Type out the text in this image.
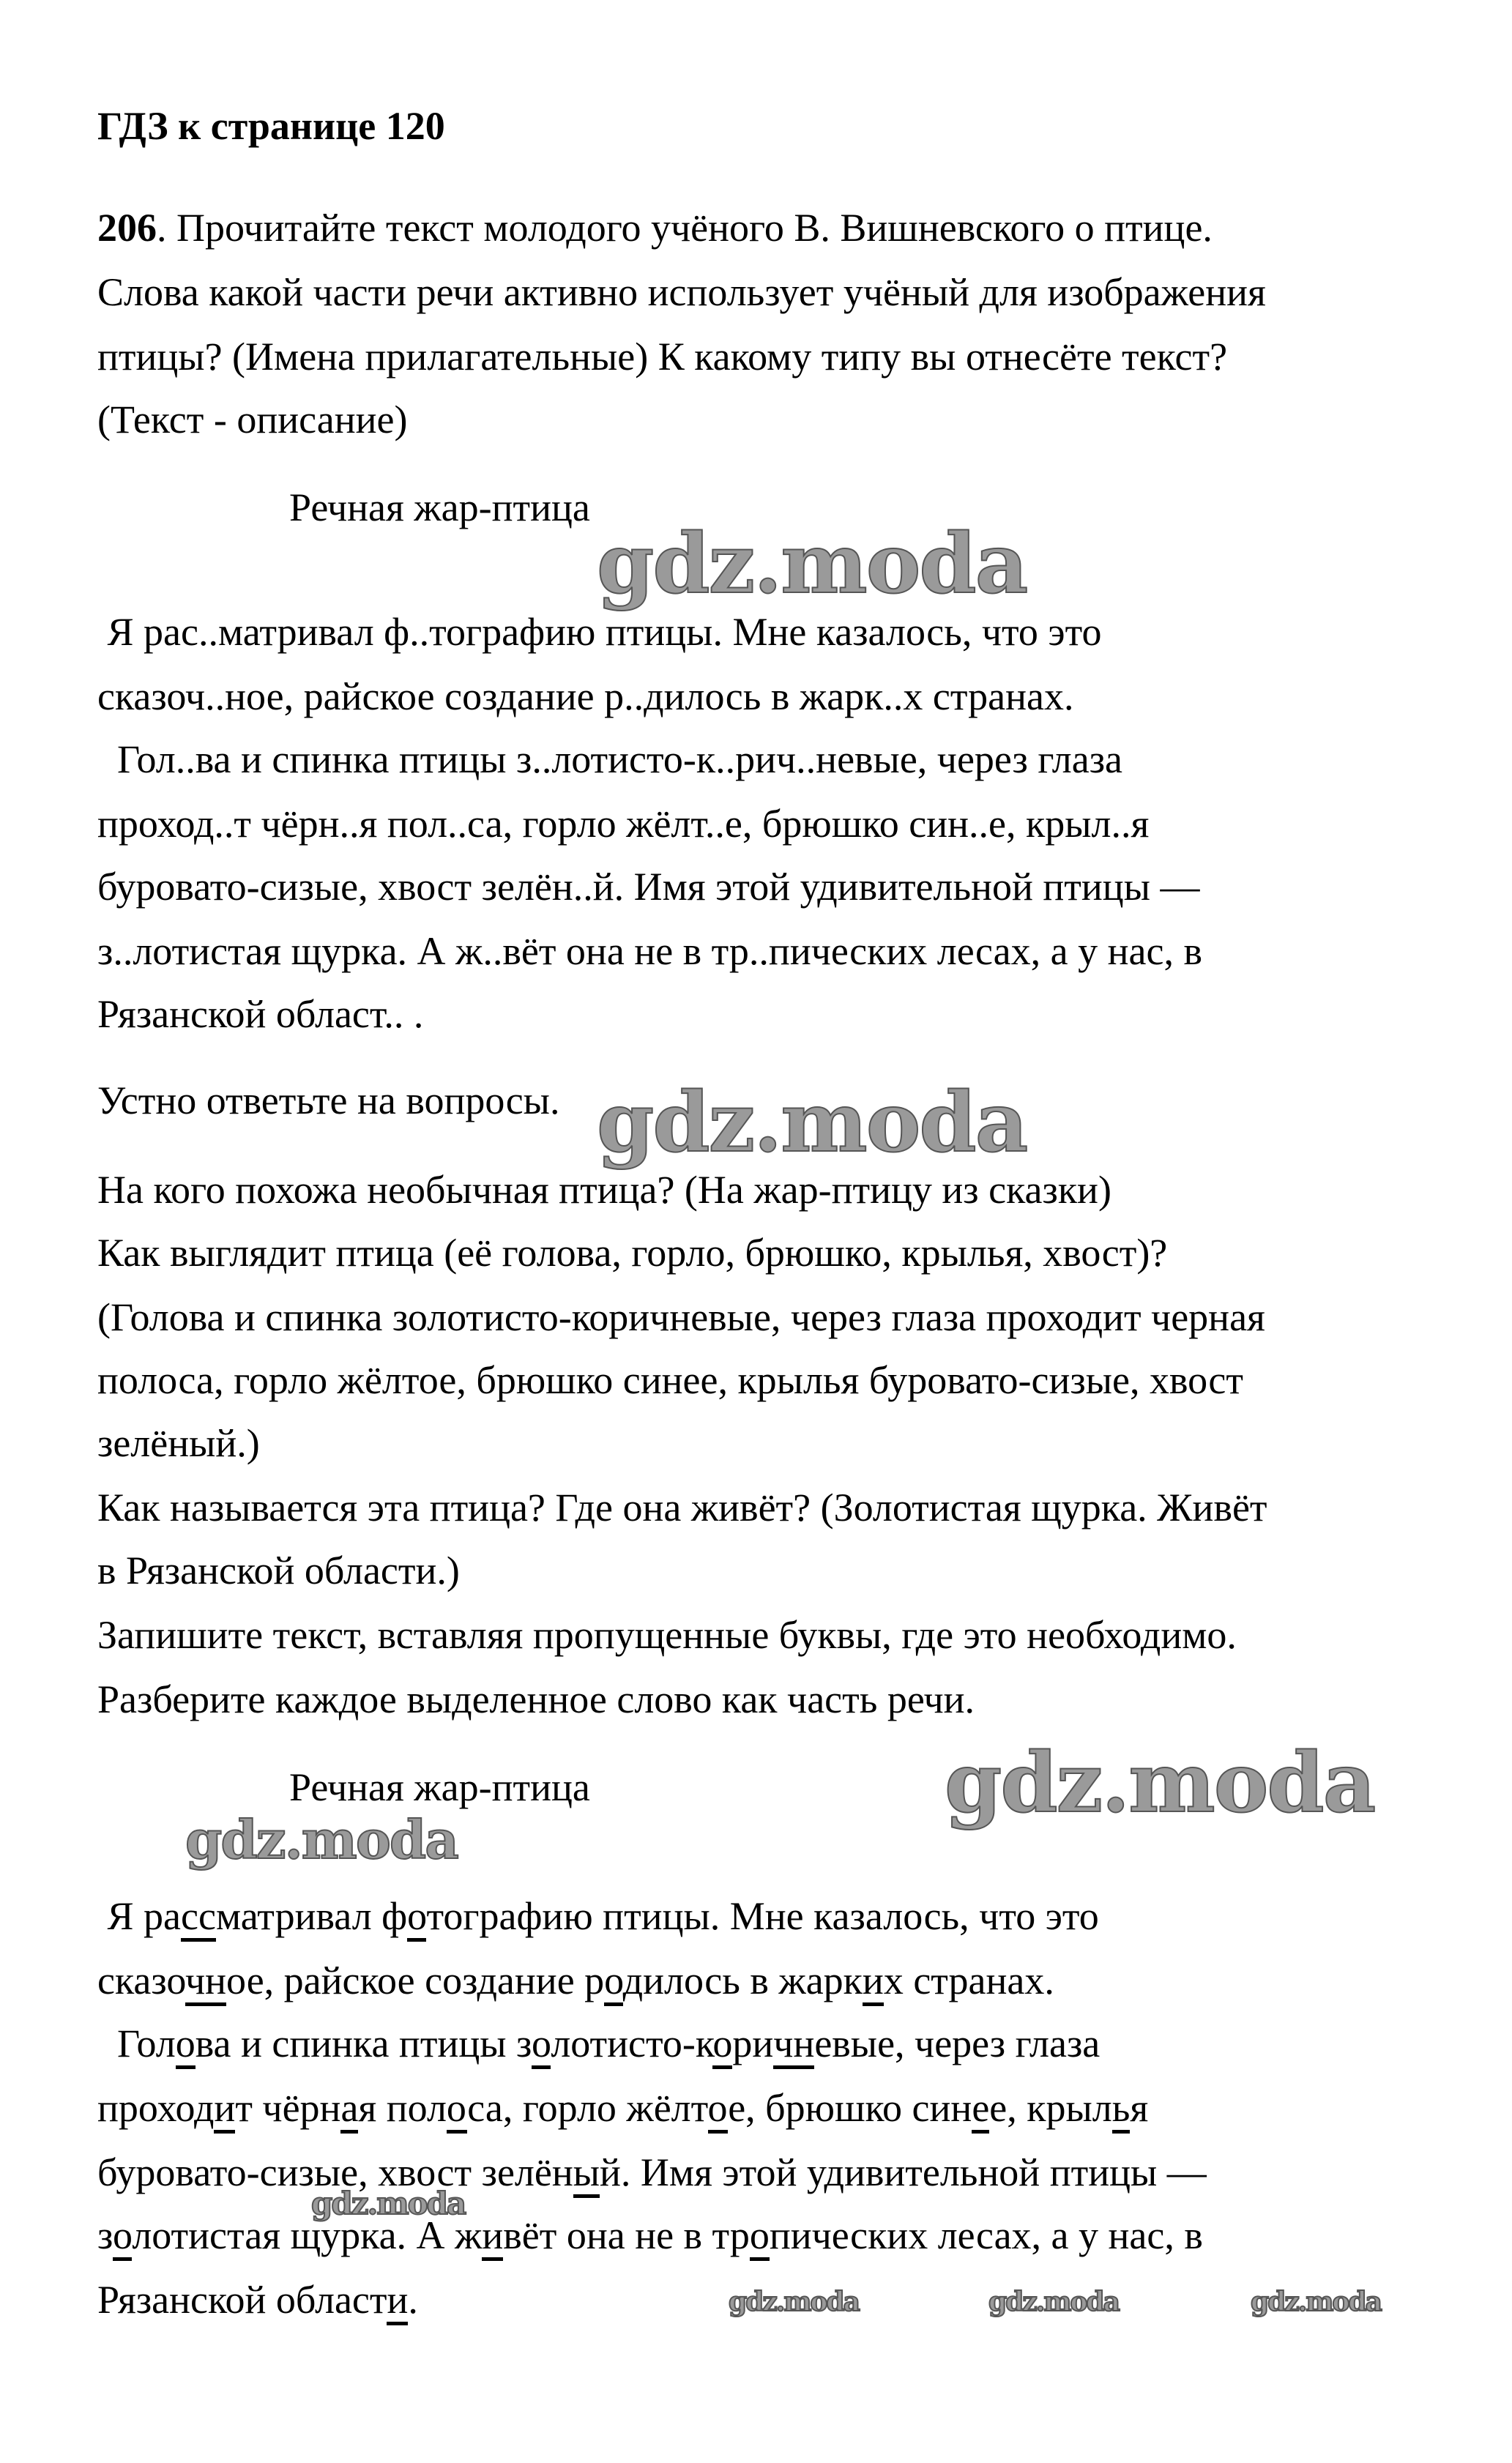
ГДЗ к странице 120
206. Прочитайте текст молодого учёного В. Вишневского о птице.
Слова какой части речи активно использует учёный для изображения
птицы? (Имена прилагательные) К какому типу вы отнесёте текст?
(Текст - описание)
Речная жар-птица
Я рас..матривал ф..тографию птицы. Мне казалось, что это
сказоч..ное, райское создание р..дилось в жарк..х странах.
Гол..ва и спинка птицы з..лотисто-к..рич..невые, через глаза
проход..т чёрн..я пол..са, горло жёлт..е, брюшко син..е, крыл..я
буровато-сизые, хвост зелён..й. Имя этой удивительной птицы —
з..лотистая щурка. А ж..вёт она не в тр..пических лесах, а у нас, в
Рязанской област.. .
Устно ответьте на вопросы.
На кого похожа необычная птица? (На жар-птицу из сказки)
Как выглядит птица (её голова, горло, брюшко, крылья, хвост)?
(Голова и спинка золотисто-коричневые, через глаза проходит черная
полоса, горло жёлтое, брюшко синее, крылья буровато-сизые, хвост
зелёный.)
Как называется эта птица? Где она живёт? (Золотистая щурка. Живёт
в Рязанской области.)
Запишите текст, вставляя пропущенные буквы, где это необходимо.
Разберите каждое выделенное слово как часть речи.
Речная жар-птица
Я рассматривал фотографию птицы. Мне казалось, что это
сказочное, райское создание родилось в жарких странах.
Голова и спинка птицы золотисто-коричневые, через глаза
проходит чёрная полоса, горло жёлтое, брюшко синее, крылья
буровато-сизые, хвост зелёный. Имя этой удивительной птицы —
золотистая щурка. А живёт она не в тропических лесах, а у нас, в
Рязанской области.
gdz.moda
gdz.moda
gdz.moda
gdz.moda
gdz.moda
gdz.moda	gdz.moda	gdz.moda
